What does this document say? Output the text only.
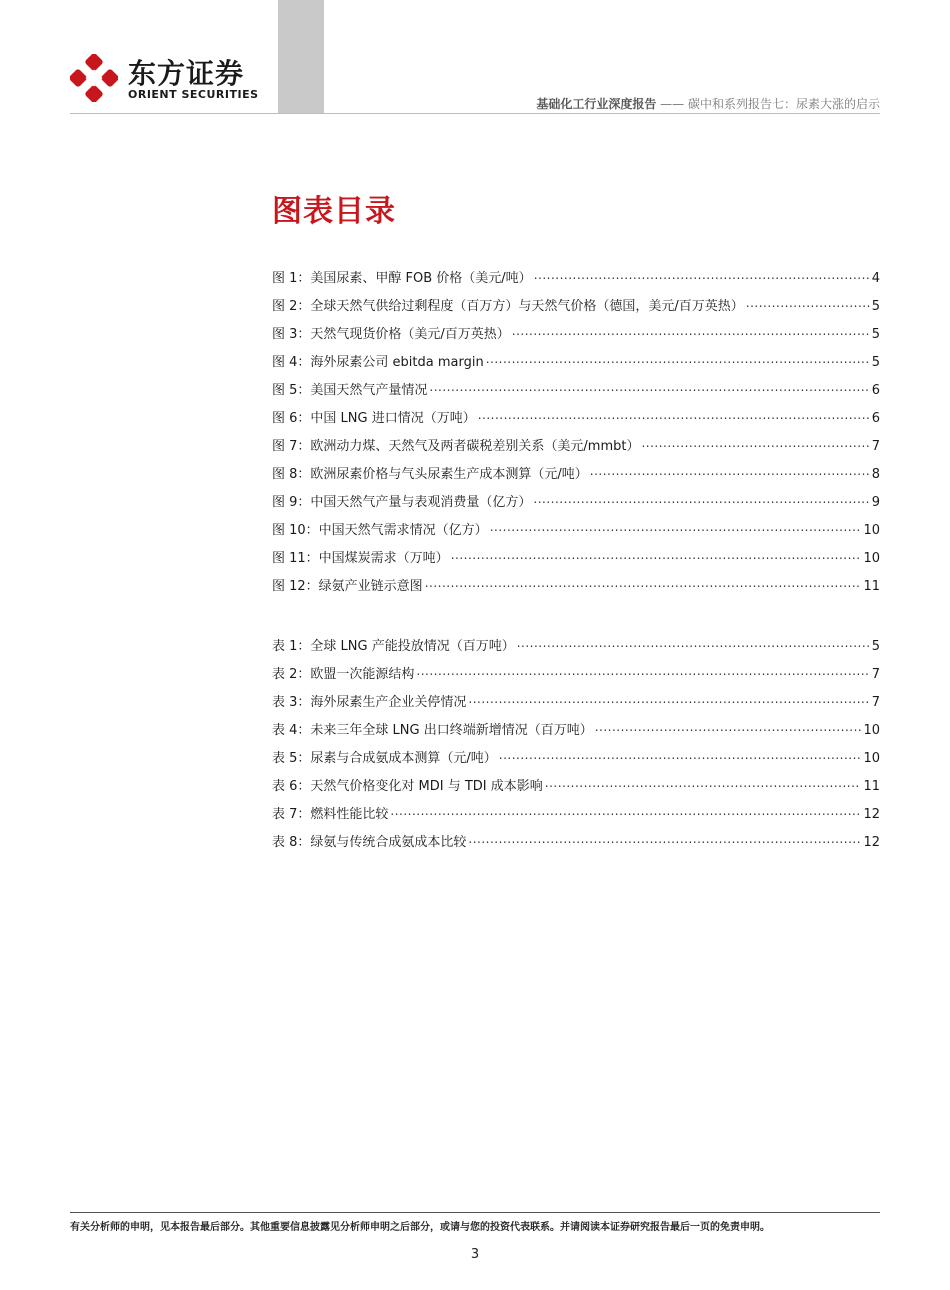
东方证券
ORIENT SECURITIES
基础化工行业深度报告 —— 碳中和系列报告七：尿素大涨的启示
图表目录
图 1：美国尿素、甲醇 FOB 价格（美元/吨） .....	4
图 2：全球天然气供给过剩程度（百万方）与天然气价格（德国，美元/百万英热） .....	5
图 3：天然气现货价格（美元/百万英热） .....	5
图 4：海外尿素公司 ebitda margin .....	5
图 5：美国天然气产量情况 .....	6
图 6：中国 LNG 进口情况（万吨） .....	6
图 7：欧洲动力煤、天然气及两者碳税差别关系（美元/mmbt） .....	7
图 8：欧洲尿素价格与气头尿素生产成本测算（元/吨） .....	8
图 9：中国天然气产量与表观消费量（亿方） .....	9
图 10：中国天然气需求情况（亿方） .....	10
图 11：中国煤炭需求（万吨） .....	10
图 12：绿氨产业链示意图 .....	11
表 1：全球 LNG 产能投放情况（百万吨） .....	5
表 2：欧盟一次能源结构 .....	7
表 3：海外尿素生产企业关停情况 .....	7
表 4：未来三年全球 LNG 出口终端新增情况（百万吨） .....	10
表 5：尿素与合成氨成本测算（元/吨） .....	10
表 6：天然气价格变化对 MDI 与 TDI 成本影响 .....	11
表 7：燃料性能比较 .....	12
表 8：绿氨与传统合成氨成本比较 .....	12
有关分析师的申明，见本报告最后部分。其他重要信息披露见分析师申明之后部分，或请与您的投资代表联系。并请阅读本证券研究报告最后一页的免责申明。
3
